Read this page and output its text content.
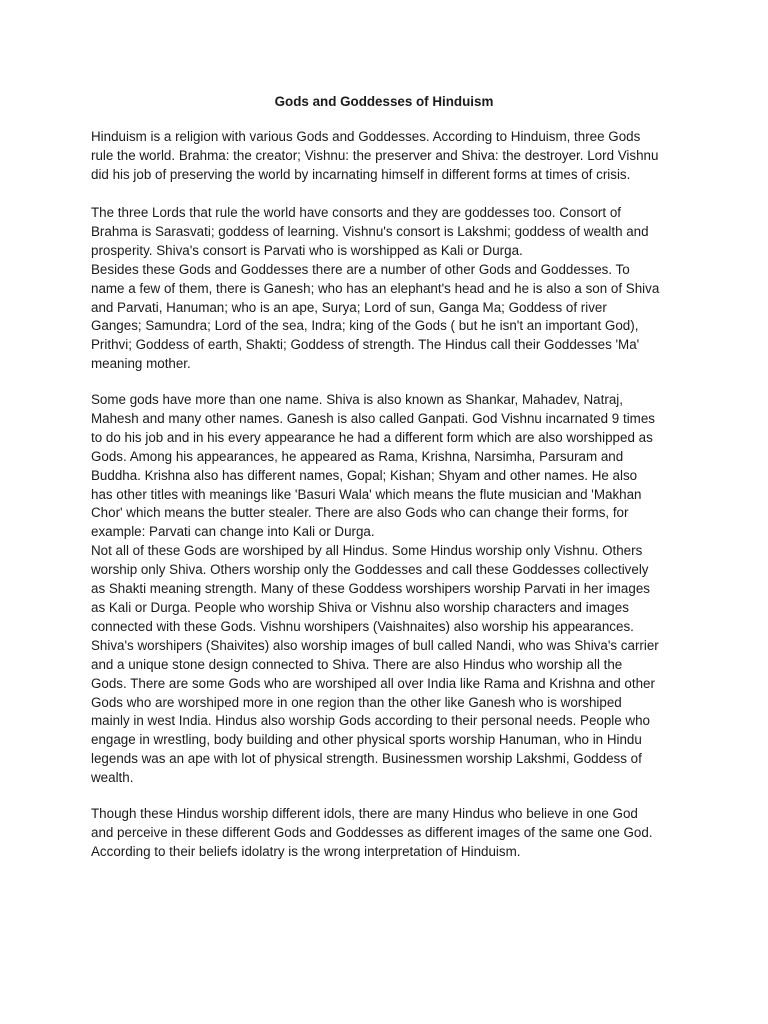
Gods and Goddesses of Hinduism

Hinduism is a religion with various Gods and Goddesses. According to Hinduism, three Gods
rule the world. Brahma: the creator; Vishnu: the preserver and Shiva: the destroyer. Lord Vishnu
did his job of preserving the world by incarnating himself in different forms at times of crisis.

The three Lords that rule the world have consorts and they are goddesses too. Consort of
Brahma is Sarasvati; goddess of learning. Vishnu's consort is Lakshmi; goddess of wealth and
prosperity. Shiva's consort is Parvati who is worshipped as Kali or Durga.
Besides these Gods and Goddesses there are a number of other Gods and Goddesses. To
name a few of them, there is Ganesh; who has an elephant's head and he is also a son of Shiva
and Parvati, Hanuman; who is an ape, Surya; Lord of sun, Ganga Ma; Goddess of river
Ganges; Samundra; Lord of the sea, Indra; king of the Gods ( but he isn't an important God),
Prithvi; Goddess of earth, Shakti; Goddess of strength. The Hindus call their Goddesses 'Ma'
meaning mother.

Some gods have more than one name. Shiva is also known as Shankar, Mahadev, Natraj,
Mahesh and many other names. Ganesh is also called Ganpati. God Vishnu incarnated 9 times
to do his job and in his every appearance he had a different form which are also worshipped as
Gods. Among his appearances, he appeared as Rama, Krishna, Narsimha, Parsuram and
Buddha. Krishna also has different names, Gopal; Kishan; Shyam and other names. He also
has other titles with meanings like 'Basuri Wala' which means the flute musician and 'Makhan
Chor' which means the butter stealer. There are also Gods who can change their forms, for
example: Parvati can change into Kali or Durga.
Not all of these Gods are worshiped by all Hindus. Some Hindus worship only Vishnu. Others
worship only Shiva. Others worship only the Goddesses and call these Goddesses collectively
as Shakti meaning strength. Many of these Goddess worshipers worship Parvati in her images
as Kali or Durga. People who worship Shiva or Vishnu also worship characters and images
connected with these Gods. Vishnu worshipers (Vaishnaites) also worship his appearances.
Shiva's worshipers (Shaivites) also worship images of bull called Nandi, who was Shiva's carrier
and a unique stone design connected to Shiva. There are also Hindus who worship all the
Gods. There are some Gods who are worshiped all over India like Rama and Krishna and other
Gods who are worshiped more in one region than the other like Ganesh who is worshiped
mainly in west India. Hindus also worship Gods according to their personal needs. People who
engage in wrestling, body building and other physical sports worship Hanuman, who in Hindu
legends was an ape with lot of physical strength. Businessmen worship Lakshmi, Goddess of
wealth.

Though these Hindus worship different idols, there are many Hindus who believe in one God
and perceive in these different Gods and Goddesses as different images of the same one God.
According to their beliefs idolatry is the wrong interpretation of Hinduism.
